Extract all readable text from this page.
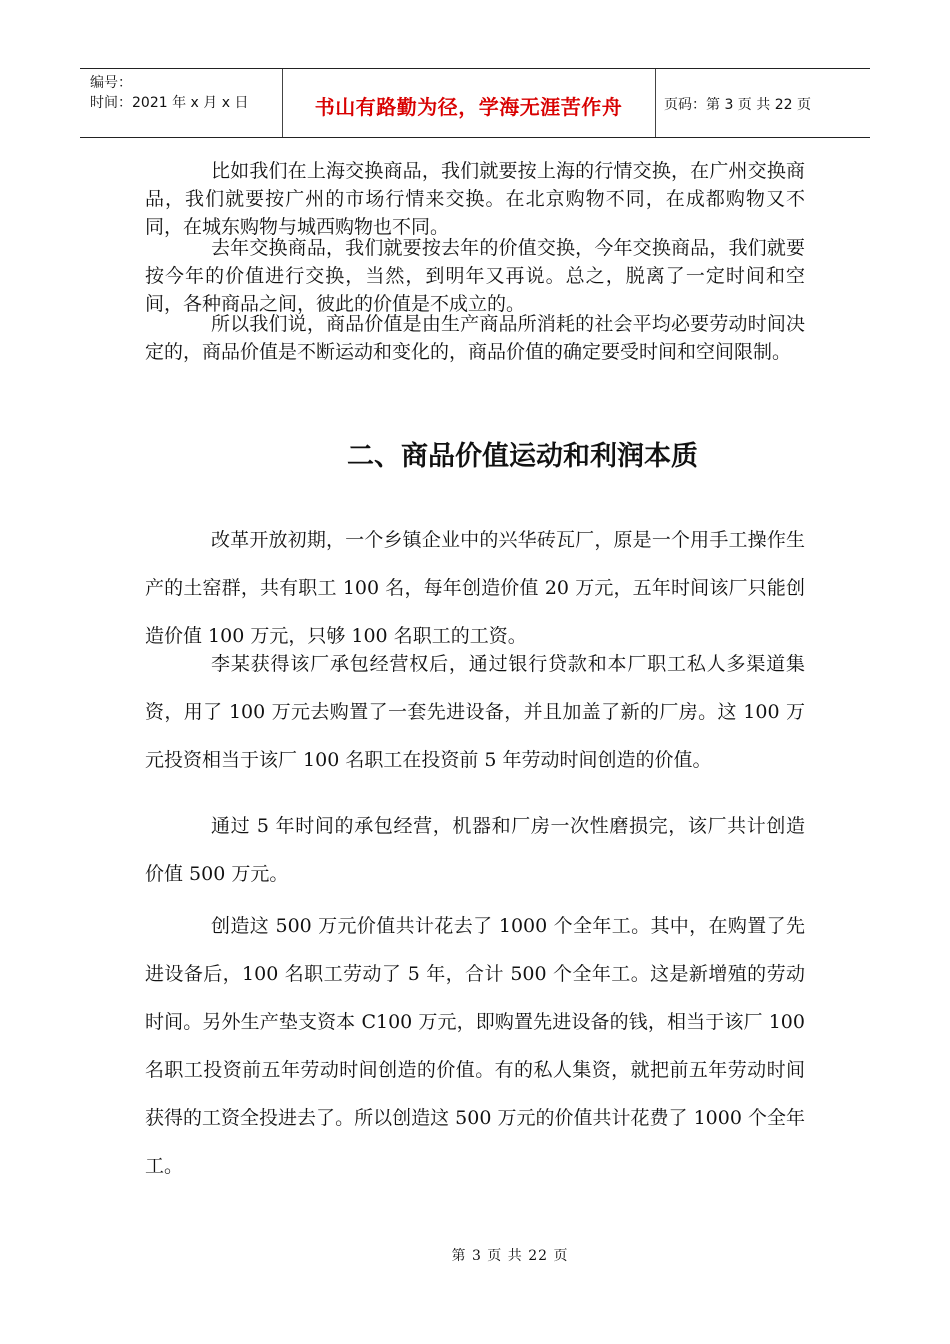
编号：
时间：2021 年 x 月 x 日	书山有路勤为径，学海无涯苦作舟	页码：第 3 页 共 22 页

比如我们在上海交换商品，我们就要按上海的行情交换，在广州交换商品，我们就要按广州的市场行情来交换。在北京购物不同，在成都购物又不同，在城东购物与城西购物也不同。

去年交换商品，我们就要按去年的价值交换，今年交换商品，我们就要按今年的价值进行交换，当然，到明年又再说。总之，脱离了一定时间和空间，各种商品之间，彼此的价值是不成立的。

所以我们说，商品价值是由生产商品所消耗的社会平均必要劳动时间决定的，商品价值是不断运动和变化的，商品价值的确定要受时间和空间限制。

二、商品价值运动和利润本质

改革开放初期，一个乡镇企业中的兴华砖瓦厂，原是一个用手工操作生产的土窑群，共有职工 100 名，每年创造价值 20 万元，五年时间该厂只能创造价值 100 万元，只够 100 名职工的工资。

李某获得该厂承包经营权后，通过银行贷款和本厂职工私人多渠道集资，用了 100 万元去购置了一套先进设备，并且加盖了新的厂房。这 100 万元投资相当于该厂 100 名职工在投资前 5 年劳动时间创造的价值。

通过 5 年时间的承包经营，机器和厂房一次性磨损完，该厂共计创造价值 500 万元。

创造这 500 万元价值共计花去了 1000 个全年工。其中，在购置了先进设备后，100 名职工劳动了 5 年，合计 500 个全年工。这是新增殖的劳动时间。另外生产垫支资本 C100 万元，即购置先进设备的钱，相当于该厂 100 名职工投资前五年劳动时间创造的价值。有的私人集资，就把前五年劳动时间获得的工资全投进去了。所以创造这 500 万元的价值共计花费了 1000 个全年工。

第 3 页 共 22 页
